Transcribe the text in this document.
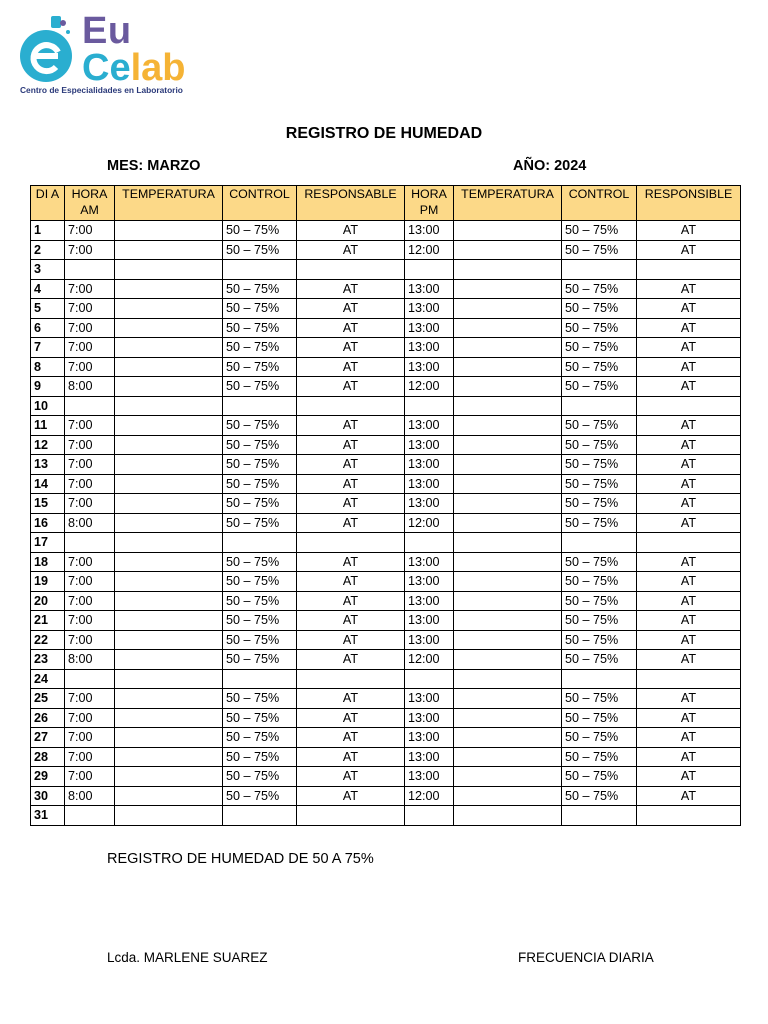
Eu
Celab
Centro de Especialidades en Laboratorio
REGISTRO DE HUMEDAD
MES: MARZO	AÑO: 2024
DI A	HORA AM	TEMPERATURA	CONTROL	RESPONSABLE	HORA PM	TEMPERATURA	CONTROL	RESPONSIBLE
1	7:00		50 – 75%	AT	13:00		50 – 75%	AT
2	7:00		50 – 75%	AT	12:00		50 – 75%	AT
3								
4	7:00		50 – 75%	AT	13:00		50 – 75%	AT
5	7:00		50 – 75%	AT	13:00		50 – 75%	AT
6	7:00		50 – 75%	AT	13:00		50 – 75%	AT
7	7:00		50 – 75%	AT	13:00		50 – 75%	AT
8	7:00		50 – 75%	AT	13:00		50 – 75%	AT
9	8:00		50 – 75%	AT	12:00		50 – 75%	AT
10								
11	7:00		50 – 75%	AT	13:00		50 – 75%	AT
12	7:00		50 – 75%	AT	13:00		50 – 75%	AT
13	7:00		50 – 75%	AT	13:00		50 – 75%	AT
14	7:00		50 – 75%	AT	13:00		50 – 75%	AT
15	7:00		50 – 75%	AT	13:00		50 – 75%	AT
16	8:00		50 – 75%	AT	12:00		50 – 75%	AT
17								
18	7:00		50 – 75%	AT	13:00		50 – 75%	AT
19	7:00		50 – 75%	AT	13:00		50 – 75%	AT
20	7:00		50 – 75%	AT	13:00		50 – 75%	AT
21	7:00		50 – 75%	AT	13:00		50 – 75%	AT
22	7:00		50 – 75%	AT	13:00		50 – 75%	AT
23	8:00		50 – 75%	AT	12:00		50 – 75%	AT
24								
25	7:00		50 – 75%	AT	13:00		50 – 75%	AT
26	7:00		50 – 75%	AT	13:00		50 – 75%	AT
27	7:00		50 – 75%	AT	13:00		50 – 75%	AT
28	7:00		50 – 75%	AT	13:00		50 – 75%	AT
29	7:00		50 – 75%	AT	13:00		50 – 75%	AT
30	8:00		50 – 75%	AT	12:00		50 – 75%	AT
31								
REGISTRO DE HUMEDAD DE 50 A 75%
Lcda. MARLENE SUAREZ	FRECUENCIA DIARIA
